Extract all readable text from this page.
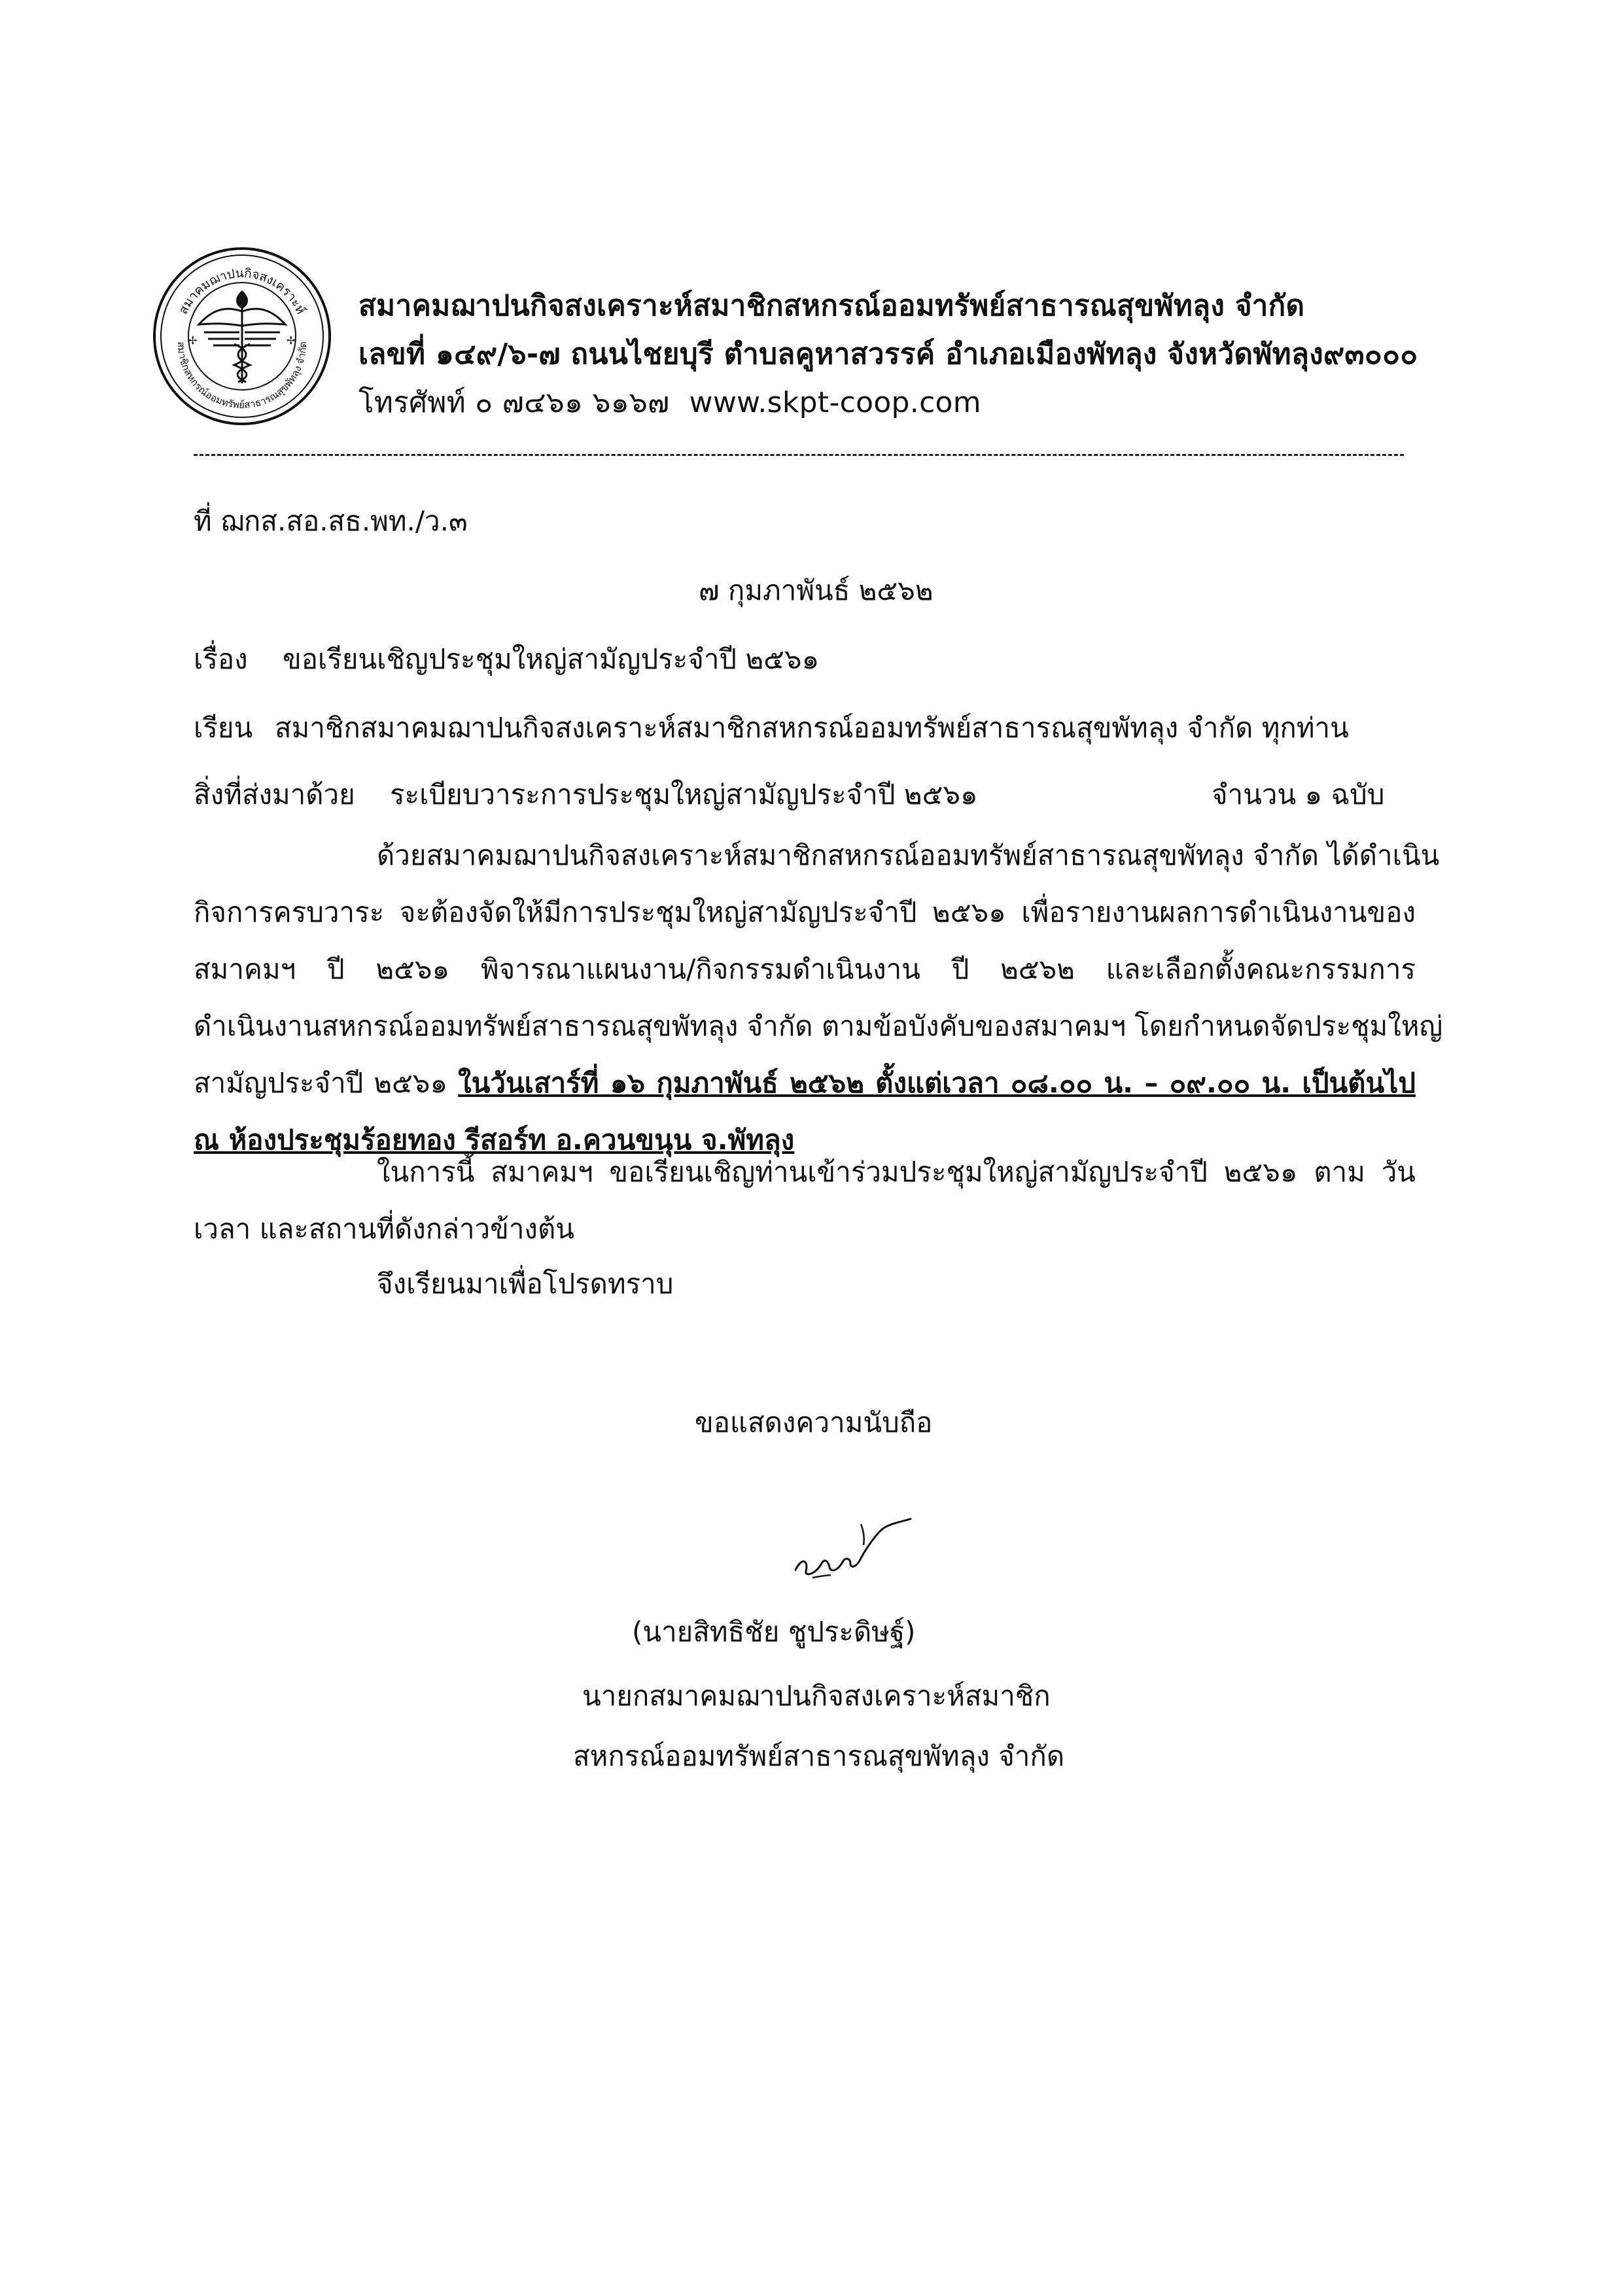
สมาคมฌาปนกิจสงเคราะห์
สมาชิกสหกรณ์ออมทรัพย์สาธารณสุขพัทลุง จำกัด
✢	✢
สมาคมฌาปนกิจสงเคราะห์สมาชิกสหกรณ์ออมทรัพย์สาธารณสุขพัทลุง จำกัด
เลขที่ ๑๔๙/๖-๗ ถนนไชยบุรี ตำบลคูหาสวรรค์ อำเภอเมืองพัทลุง จังหวัดพัทลุง๙๓๐๐๐
โทรศัพท์ ๐ ๗๔๖๑ ๖๑๖๗ www.skpt-coop.com
ที่ ฌกส.สอ.สธ.พท./ว.๓
๗ กุมภาพันธ์ ๒๕๖๒
เรื่อง ขอเรียนเชิญประชุมใหญ่สามัญประจำปี ๒๕๖๑
เรียน สมาชิกสมาคมฌาปนกิจสงเคราะห์สมาชิกสหกรณ์ออมทรัพย์สาธารณสุขพัทลุง จำกัด ทุกท่าน
สิ่งที่ส่งมาด้วย ระเบียบวาระการประชุมใหญ่สามัญประจำปี ๒๕๖๑	จำนวน ๑ ฉบับ
ด้วยสมาคมฌาปนกิจสงเคราะห์สมาชิกสหกรณ์ออมทรัพย์สาธารณสุขพัทลุง จำกัด ได้ดำเนิน
กิจการครบวาระ จะต้องจัดให้มีการประชุมใหญ่สามัญประจำปี ๒๕๖๑ เพื่อรายงานผลการดำเนินงานของ
สมาคมฯ ปี ๒๕๖๑ พิจารณาแผนงาน/กิจกรรมดำเนินงาน ปี ๒๕๖๒ และเลือกตั้งคณะกรรมการ
ดำเนินงานสหกรณ์ออมทรัพย์สาธารณสุขพัทลุง จำกัด ตามข้อบังคับของสมาคมฯ โดยกำหนดจัดประชุมใหญ่
สามัญประจำปี ๒๕๖๑ ในวันเสาร์ที่ ๑๖ กุมภาพันธ์ ๒๕๖๒ ตั้งแต่เวลา ๐๘.๐๐ น. – ๐๙.๐๐ น. เป็นต้นไป
ณ ห้องประชุมร้อยทอง รีสอร์ท อ.ควนขนุน จ.พัทลุง
ในการนี้ สมาคมฯ ขอเรียนเชิญท่านเข้าร่วมประชุมใหญ่สามัญประจำปี ๒๕๖๑ ตาม วัน
เวลา และสถานที่ดังกล่าวข้างต้น
จึงเรียนมาเพื่อโปรดทราบ
ขอแสดงความนับถือ
(นายสิทธิชัย ชูประดิษฐ์)
นายกสมาคมฌาปนกิจสงเคราะห์สมาชิก
สหกรณ์ออมทรัพย์สาธารณสุขพัทลุง จำกัด
